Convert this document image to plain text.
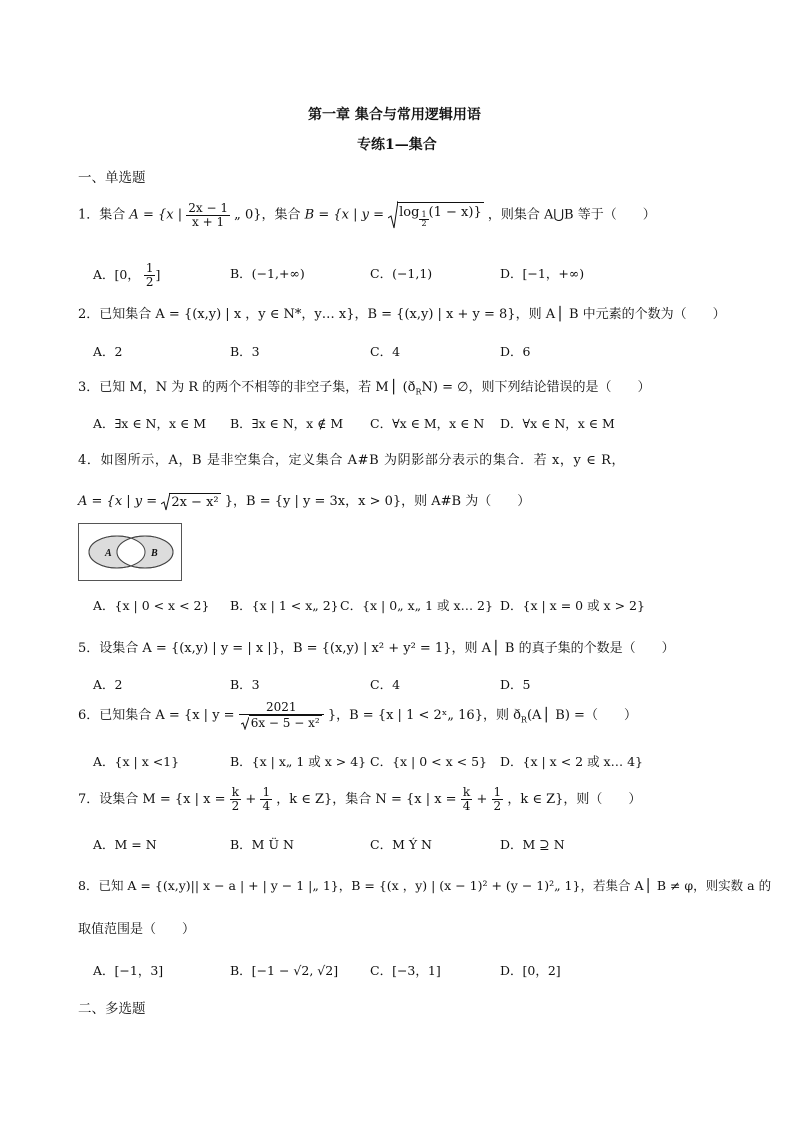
第一章 集合与常用逻辑用语
专练1—集合
一、单选题
1．集合 A = {x | $\frac{2x - 1}{x + 1}$ „ 0}，集合 B = {x | $y = \log \frac{1}{2} (1 - x)$} ，则集合 A⋃B 等于（　　）
A．[0， $\frac{1}{2}$ ]	B．(−1,+∞)	C．(−1,1)	D．[−1，+∞)
2．已知集合 A = {(x,y) | x ，y ∈ N*，y… x}，B = {(x,y) | x + y = 8}，则 A⎪ B 中元素的个数为（　　）
A．2	B．3	C．4	D．6
3．已知 M，N 为 R 的两个不相等的非空子集，若 M⎪ $(ð_RN)$ = ∅，则下列结论错误的是（　　）
A．∃x ∈ N，x ∈ M B．∃x ∈ N，x ∉ M C．∀x ∈ M，x ∈ N D．∀x ∈ N，x ∈ M
4．如图所示，A，B 是非空集合，定义集合 A#B 为阴影部分表示的集合．若 x，y ∈ R，
A = {x | y = 2x − x² }，B = {y | y = 3x，x > 0}，则 A#B 为（　　）
A	B
A．{x | 0 < x < 2} B．{x | 1 < x„ 2} C．{x | 0„ x„ 1 或 x… 2} D．{x | x = 0 或 x > 2}
5．设集合 A = {(x,y) | y = | x |}，B = {(x,y) | x² + y² = 1}，则 A⎪ B 的真子集的个数是（　　）
A．2	B．3	C．4	D．5
6．已知集合 A = {x | $y = \frac{2021}{\text{6x − 5 − x²}}$ }，B = {x | 1 < 2ˣ„ 16}，则 $ð_R(A⎪$ B) =（　　）
A．{x | x <1}	B．{x | x„ 1 或 x > 4} C．{x | 0 < x < 5} D．{x | x < 2 或 x… 4}
7．设集合 M = {x | $x = \frac{k}{2} + \frac{1}{4}$ ，k ∈ Z}，集合 N = {x | $x = \frac{k}{4} + \frac{1}{2}$ ，k ∈ Z}，则（　　）
A．M = N	B．M Ü N	C．M Ý N	D．M ⊇ N
8．已知 A = {(x,y)|| x − a | + | y − 1 |„ 1}，B = {(x ，y) | (x − 1)² + (y − 1)²„ 1}，若集合 A⎪ B ≠ φ，则实数 a 的
取值范围是（　　）
A．[−1，3]	B．[−1 − √2, √2]	C．[−3，1]	D．[0，2]
二、多选题
